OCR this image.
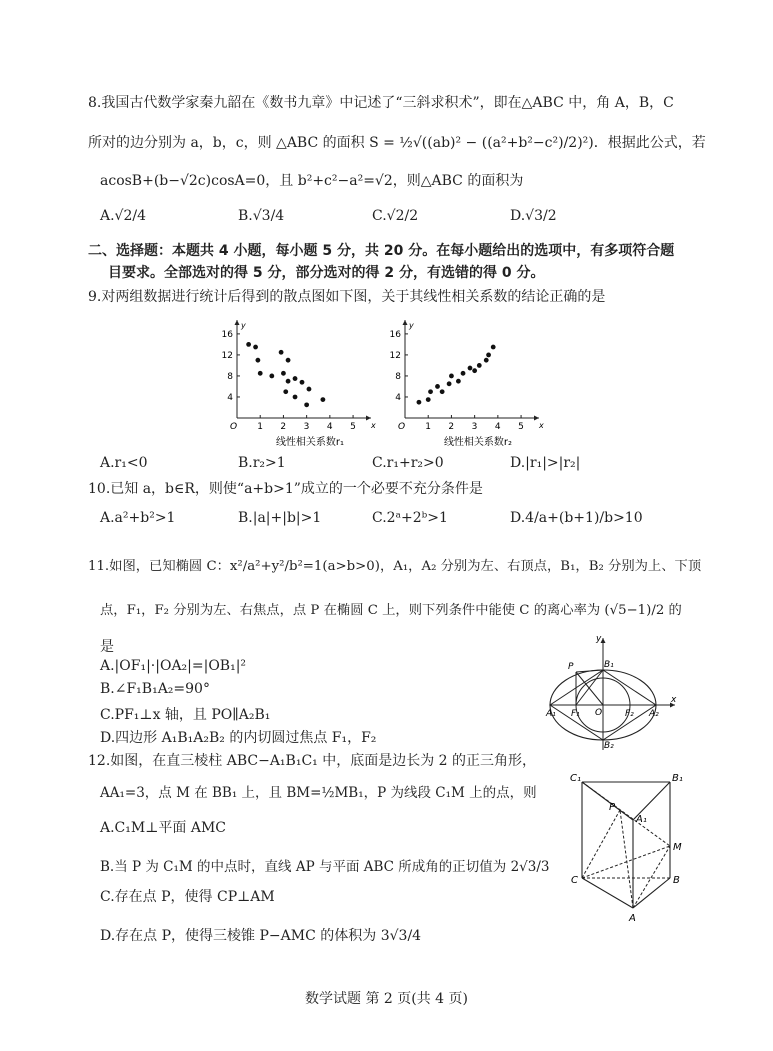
8.我国古代数学家秦九韶在《数书九章》中记述了“三斜求积术”，即在△ABC 中，角 A，B，C
所对的边分别为 a，b，c，则 △ABC 的面积 S = ½√((ab)² − ((a²+b²−c²)/2)²)．根据此公式，若
acosB+(b−√2c)cosA=0，且 b²+c²−a²=√2，则△ABC 的面积为
A.√2/4	B.√3/4	C.√2/2	D.√3/2
二、选择题：本题共 4 小题，每小题 5 分，共 20 分。在每小题给出的选项中，有多项符合题
目要求。全部选对的得 5 分，部分选对的得 2 分，有选错的得 0 分。
9.对两组数据进行统计后得到的散点图如下图，关于其线性相关系数的结论正确的是
y
x
O 1 2 3 4 5
4
8
12
16
线性相关系数r₁
y
x
O 1 2 3 4 5
4
8
12
16
线性相关系数r₂
A.r₁<0	B.r₂>1	C.r₁+r₂>0	D.|r₁|>|r₂|
10.已知 a，b∈R，则使“a+b>1”成立的一个必要不充分条件是
A.a²+b²>1	B.|a|+|b|>1	C.2ᵃ+2ᵇ>1	D.4/a+(b+1)/b>10
11.如图，已知椭圆 C：x²/a²+y²/b²=1(a>b>0)，A₁，A₂ 分别为左、右顶点，B₁，B₂ 分别为上、下顶
点，F₁，F₂ 分别为左、右焦点，点 P 在椭圆 C 上，则下列条件中能使 C 的离心率为 (√5−1)/2 的
是
A.|OF₁|·|OA₂|=|OB₁|²
B.∠F₁B₁A₂=90°
C.PF₁⊥x 轴，且 PO∥A₂B₁
D.四边形 A₁B₁A₂B₂ 的内切圆过焦点 F₁，F₂
y
x
P	B₁
B₂
A₁	A₂
F₁	F₂
O
12.如图，在直三棱柱 ABC−A₁B₁C₁ 中，底面是边长为 2 的正三角形，
AA₁=3，点 M 在 BB₁ 上，且 BM=½MB₁，P 为线段 C₁M 上的点，则
A.C₁M⊥平面 AMC
B.当 P 为 C₁M 的中点时，直线 AP 与平面 ABC 所成角的正切值为 2√3/3
C.存在点 P，使得 CP⊥AM
D.存在点 P，使得三棱锥 P−AMC 的体积为 3√3/4
C₁	B₁
P
A₁
M
C	B
A
数学试题 第 2 页(共 4 页)
